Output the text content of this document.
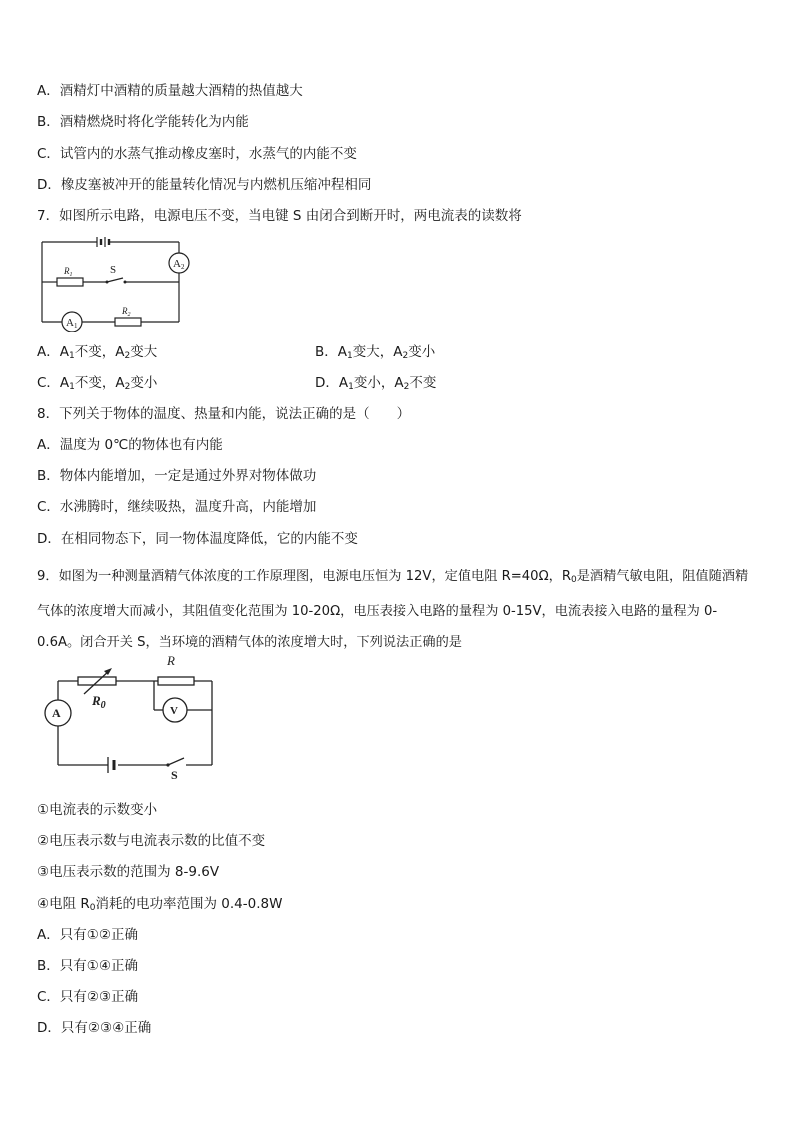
A．酒精灯中酒精的质量越大酒精的热值越大
B．酒精燃烧时将化学能转化为内能
C．试管内的水蒸气推动橡皮塞时，水蒸气的内能不变
D．橡皮塞被冲开的能量转化情况与内燃机压缩冲程相同
7．如图所示电路，电源电压不变，当电键 S 由闭合到断开时，两电流表的读数将
A2
A1
$R_1$
$R_2$
S
A．$A_1$不变，$A_2$变大	B．$A_1$变大，$A_2$变小
C．$A_1$不变，$A_2$变小	D．$A_1$变小，$A_2$不变
8．下列关于物体的温度、热量和内能，说法正确的是（　　）
A．温度为 0℃的物体也有内能
B．物体内能增加，一定是通过外界对物体做功
C．水沸腾时，继续吸热，温度升高，内能增加
D．在相同物态下，同一物体温度降低，它的内能不变
9．如图为一种测量酒精气体浓度的工作原理图，电源电压恒为 12V，定值电阻 R=40Ω，$R_0$是酒精气敏电阻，阻值随酒精气体的浓度增大而减小，其阻值变化范围为 10-20Ω，电压表接入电路的量程为 0-15V，电流表接入电路的量程为 0-0.6A。闭合开关 S，当环境的酒精气体的浓度增大时，下列说法正确的是
R
$R_0$
A	V
S
①电流表的示数变小
②电压表示数与电流表示数的比值不变
③电压表示数的范围为 8-9.6V
④电阻 $R_0$消耗的电功率范围为 0.4-0.8W
A．只有①②正确
B．只有①④正确
C．只有②③正确
D．只有②③④正确
